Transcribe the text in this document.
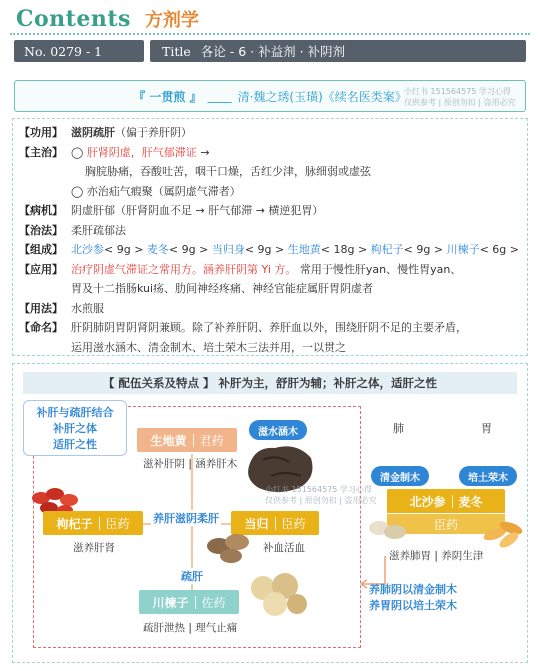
Contents 方剂学
No. 0279 - 1	Title 各论 - 6 · 补益剂 · 补阴剂
『 一贯煎 』 ____ 清·魏之琇(玉璜)《续名医类案》
小红书 151564575 学习心得
仅供参考 | 原创勿扣 | 盗用必究
【功用】 滋阴疏肝 （偏于养肝阴）
【主治】 ◯
肝肾阴虚，肝气郁滞证
→
胸脘胁痛，吞酸吐苦，咽干口燥，舌红少津，脉细弱或虚弦
◯ 亦治疝气瘕聚（属阴虚气滞者）
【病机】 阴虚肝郁（肝肾阴血不足 → 肝气郁滞 → 横逆犯胃）
【治法】 柔肝疏郁法
【组成】 北沙参 < 9g >
麦冬 < 9g >
当归身 < 9g >
生地黄 < 18g >
枸杞子 < 9g >
川楝子 < 6g >
【应用】 治疗阴虚气滞证之常用方。涵养肝阴第 Yi 方。
常用于慢性肝yan、慢性胃yan、
胃及十二指肠kui疡、肋间神经疼痛、神经官能症属肝胃阴虚者
【用法】 水煎服
【命名】 肝阴肺阴胃阴肾阴兼顾。除了补养肝阴、养肝血以外，围绕肝阴不足的主要矛盾，
运用滋水涵木、清金制木、培土荣木三法并用，一以贯之
【 配伍关系及特点 】 补肝为主，舒肝为辅；补肝之体，适肝之性
补肝与疏肝结合
补肝之体
适肝之性	生地黄 君药
滋水涵木
滋补肝阴 | 涵养肝木
枸杞子 臣药
滋养肝肾
养肝滋阴柔肝 当归 臣药
补血活血
疏肝
川楝子 佐药
疏肝泄热 | 理气止痛
肺	胃
清金制木	培土荣木
北沙参 麦冬
臣药
滋养肺胃 | 养阴生津
养肺阴以清金制木
养胃阴以培土荣木
小红书 151564575 学习心得
仅供参考 | 原创勿扣 | 盗用必究
